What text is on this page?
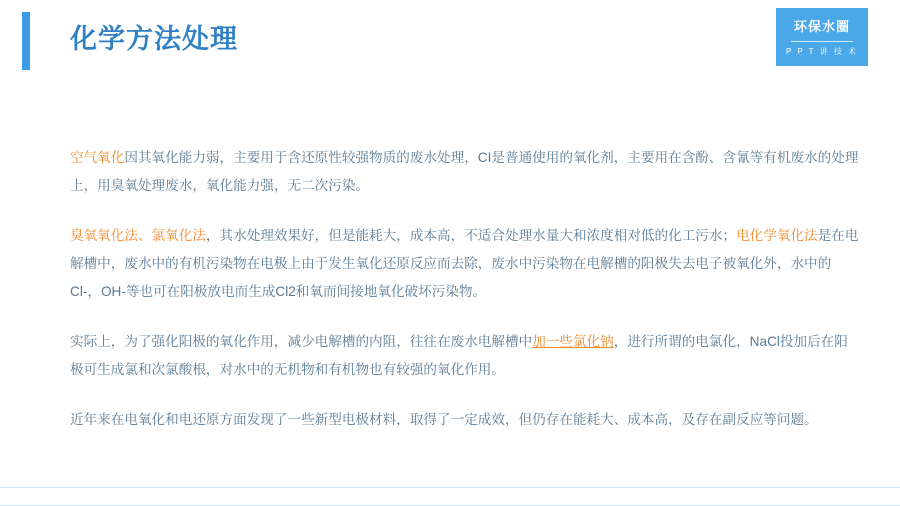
化学方法处理	环保水圈
P P T 讲 技 术

空气氧化因其氧化能力弱，主要用于含还原性较强物质的废水处理，CI是普通使用的氧化剂，主要用在含酚、含氰等有机废水的处理上，用臭氧处理废水，氧化能力强，无二次污染。

臭氧氧化法、氯氧化法，其水处理效果好，但是能耗大，成本高，不适合处理水量大和浓度相对低的化工污水；电化学氧化法是在电解槽中，废水中的有机污染物在电极上由于发生氧化还原反应而去除，废水中污染物在电解槽的阳极失去电子被氧化外，水中的Cl-，OH-等也可在阳极放电而生成Cl2和氧而间接地氧化破坏污染物。

实际上，为了强化阳极的氧化作用，减少电解槽的内阻，往往在废水电解槽中加一些氯化钠，进行所谓的电氯化，NaCl投加后在阳极可生成氯和次氯酸根，对水中的无机物和有机物也有较强的氧化作用。

近年来在电氧化和电还原方面发现了一些新型电极材料，取得了一定成效，但仍存在能耗大、成本高，及存在副反应等问题。
